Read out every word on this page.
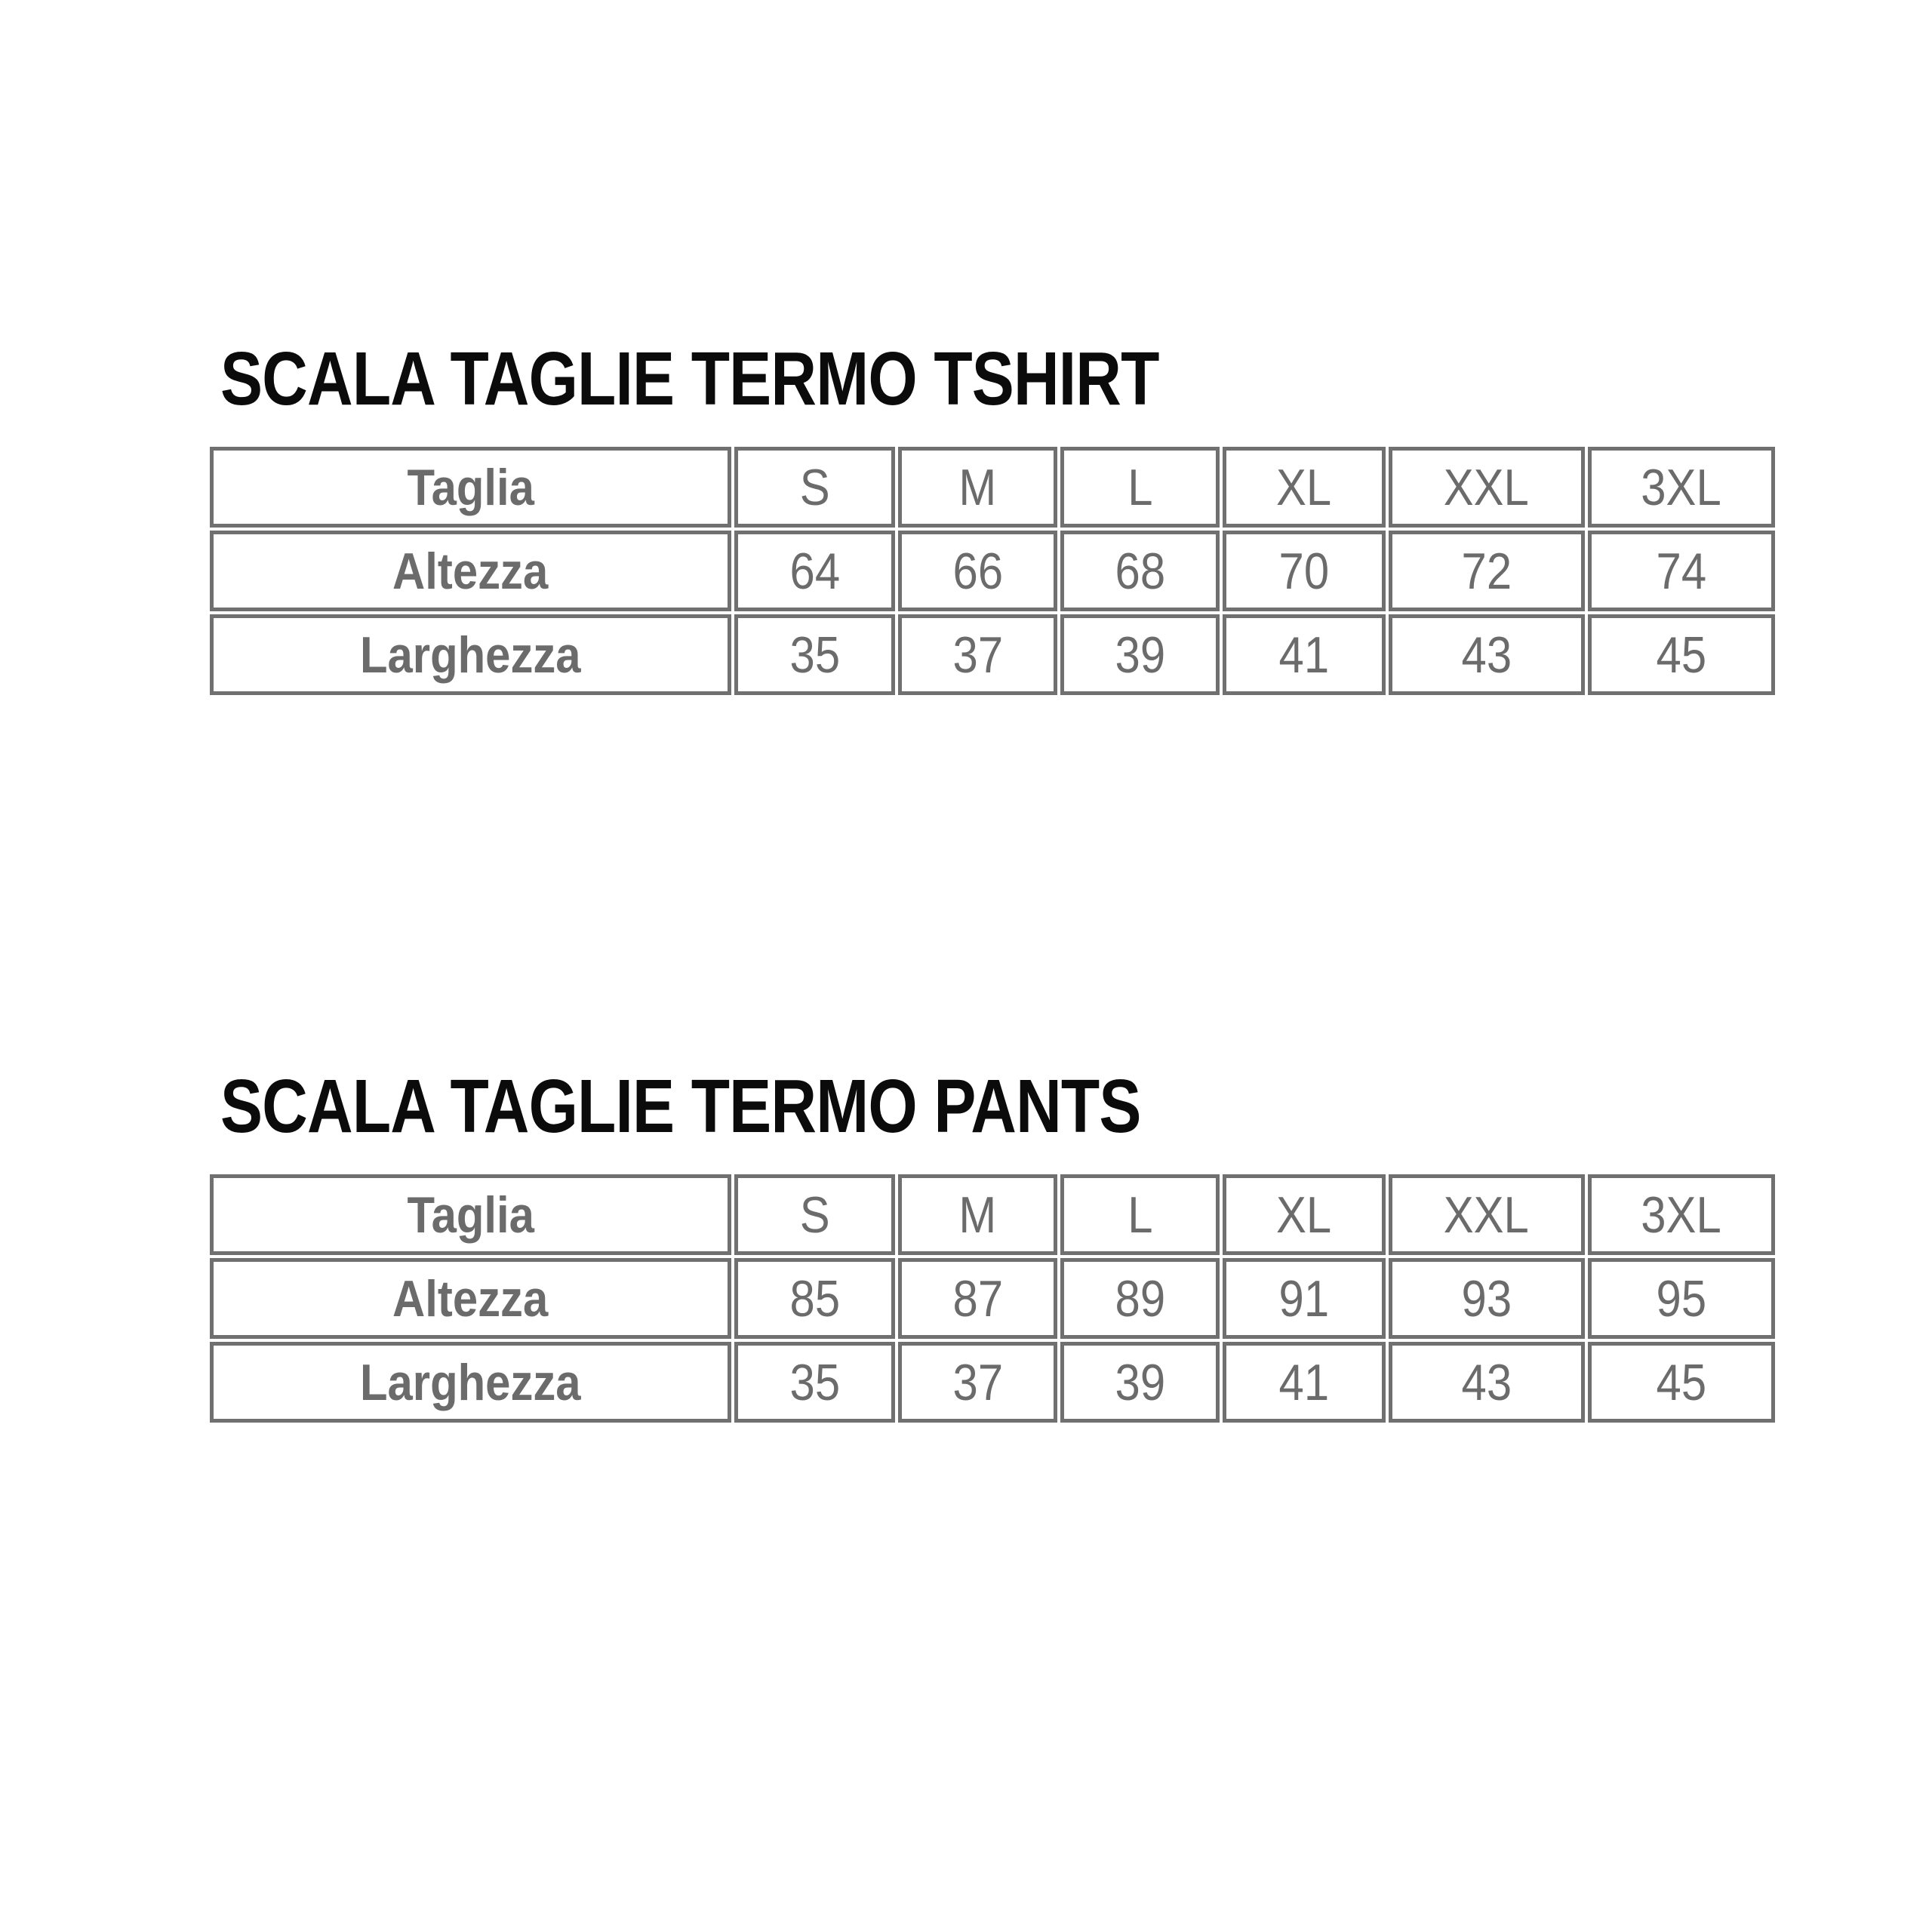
SCALA TAGLIE TERMO TSHIRT
Taglia	S	M	L	XL	XXL	3XL
Altezza	64	66	68	70	72	74
Larghezza	35	37	39	41	43	45
SCALA TAGLIE TERMO PANTS
Taglia	S	M	L	XL	XXL	3XL
Altezza	85	87	89	91	93	95
Larghezza	35	37	39	41	43	45
